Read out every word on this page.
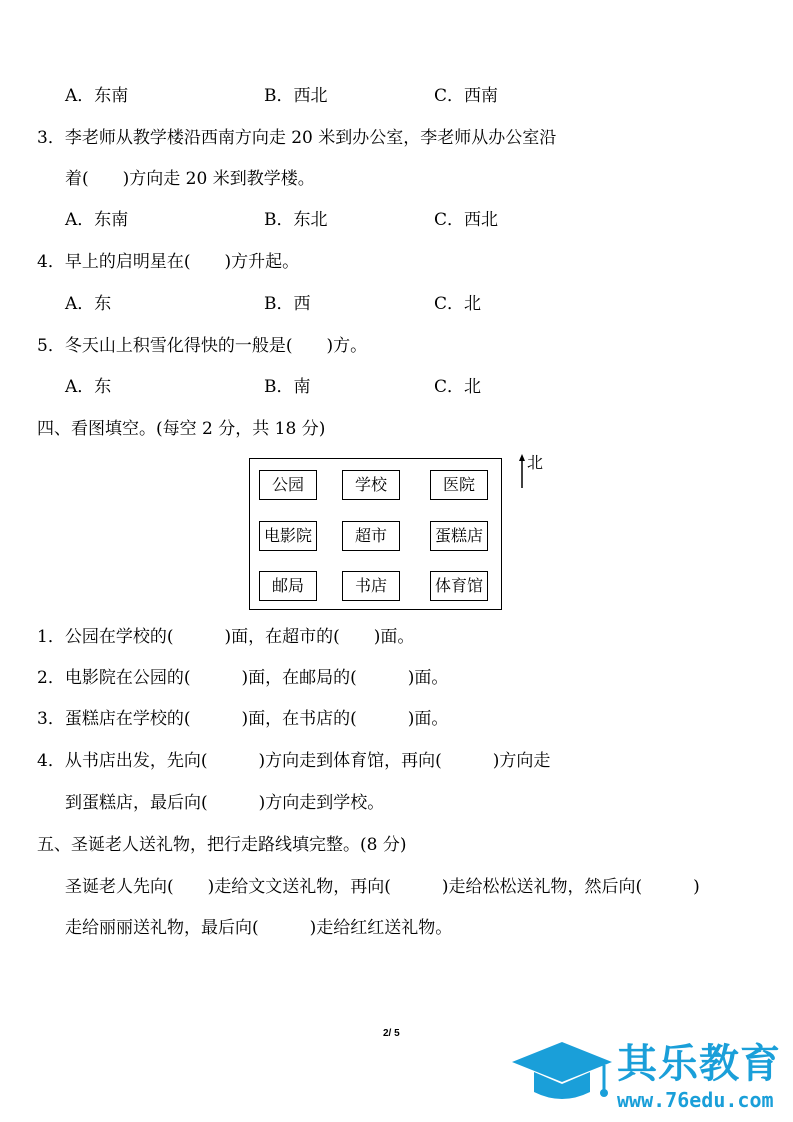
A．东南	B．西北	C．西南
3．李老师从教学楼沿西南方向走 20 米到办公室，李老师从办公室沿
着(　　)方向走 20 米到教学楼。
A．东南	B．东北	C．西北
4．早上的启明星在(　　)方升起。
A．东	B．西	C．北
5．冬天山上积雪化得快的一般是(　　)方。
A．东	B．南	C．北
四、看图填空。(每空 2 分，共 18 分)
公园	学校	医院
电影院	超市	蛋糕店
邮局	书店	体育馆
北
1．公园在学校的(　　　)面，在超市的(　　)面。
2．电影院在公园的(　　　)面，在邮局的(　　　)面。
3．蛋糕店在学校的(　　　)面，在书店的(　　　)面。
4．从书店出发，先向(　　　)方向走到体育馆，再向(　　　)方向走
到蛋糕店，最后向(　　　)方向走到学校。
五、圣诞老人送礼物，把行走路线填完整。(8 分)
圣诞老人先向(　　)走给文文送礼物，再向(　　　)走给松松送礼物，然后向(　　　)
走给丽丽送礼物，最后向(　　　)走给红红送礼物。
2/ 5
其乐教育
www.76edu.com
